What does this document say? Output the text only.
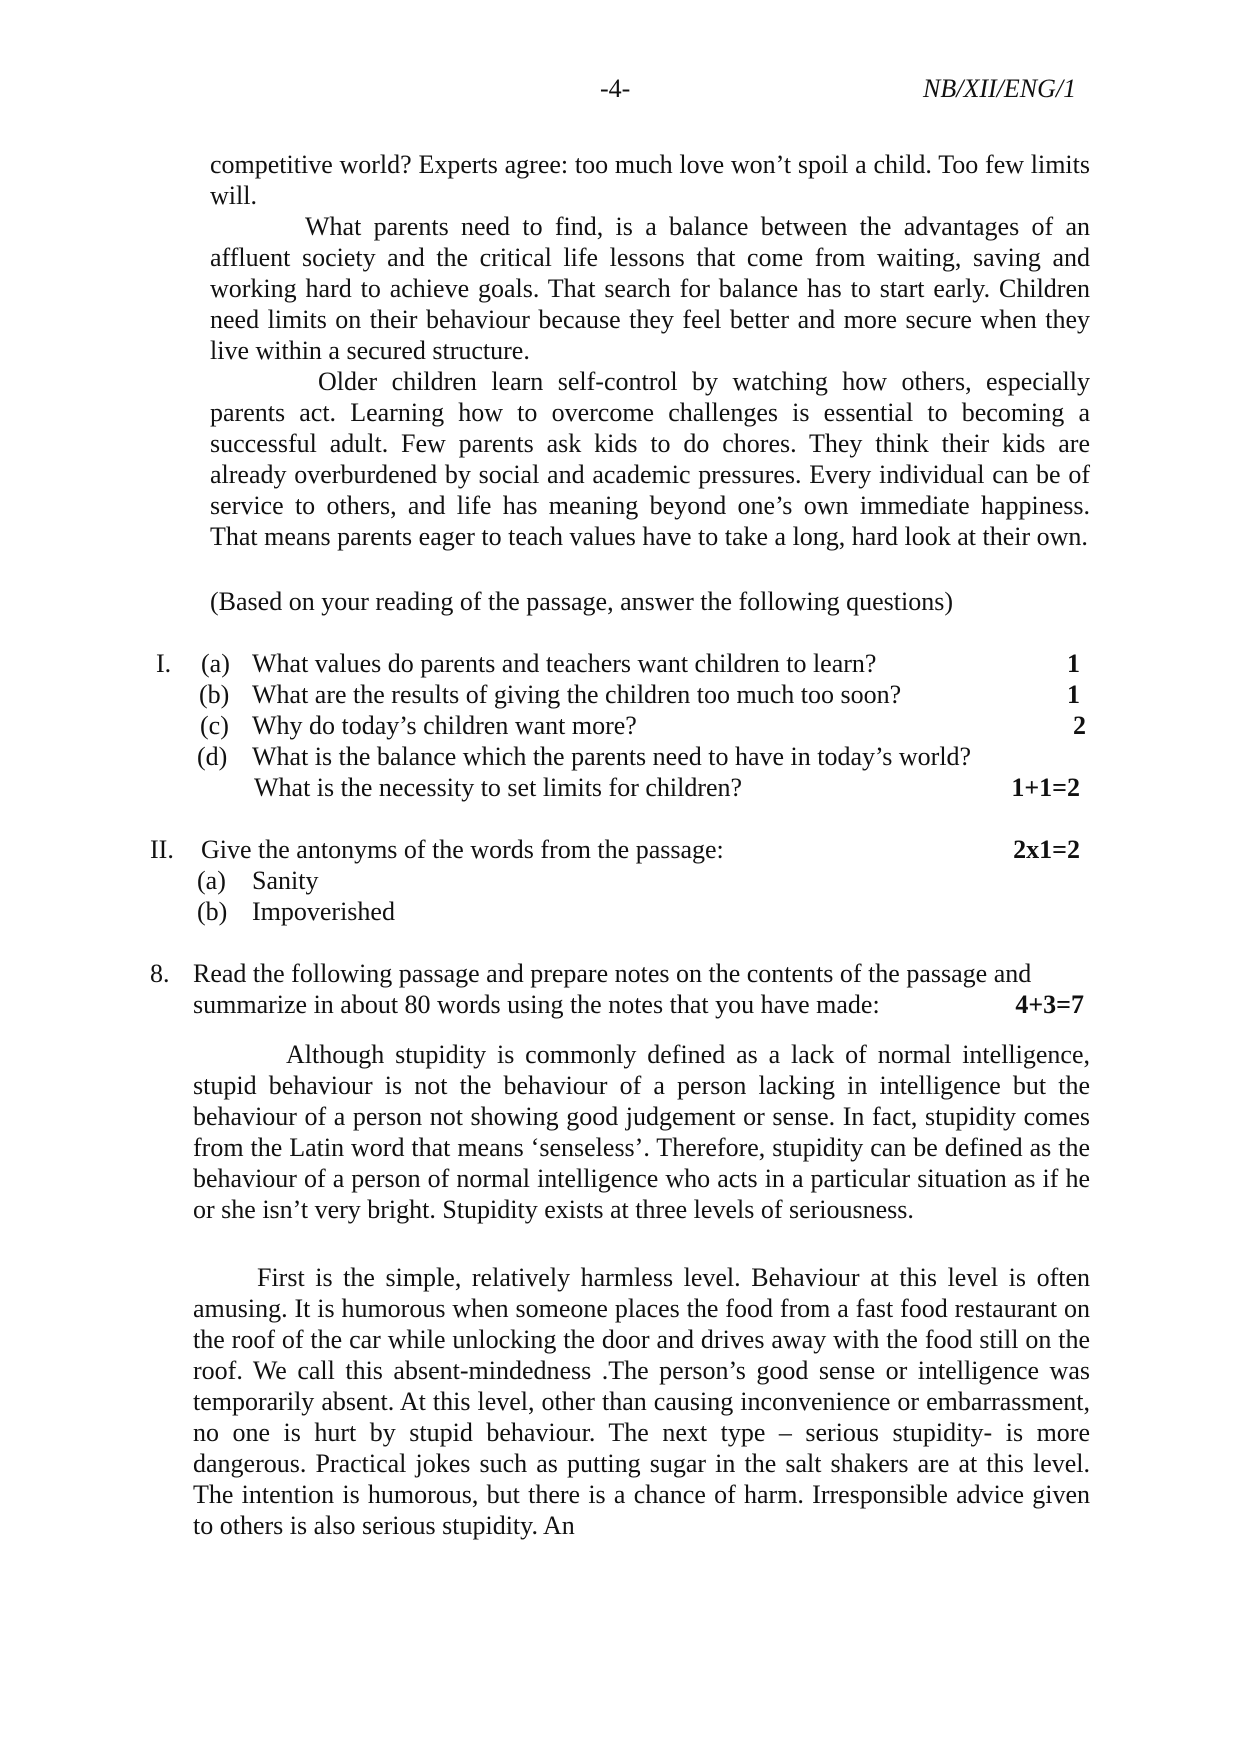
-4-	NB/XII/ENG/1
competitive world? Experts agree: too much love won’t spoil a child. Too few limits will.
What parents need to find, is a balance between the advantages of an affluent society and the critical life lessons that come from waiting, saving and working hard to achieve goals. That search for balance has to start early. Children need limits on their behaviour because they feel better and more secure when they live within a secured structure.
Older children learn self-control by watching how others, especially parents act. Learning how to overcome challenges is essential to becoming a successful adult. Few parents ask kids to do chores. They think their kids are already overburdened by social and academic pressures. Every individual can be of service to others, and life has meaning beyond one’s own immediate happiness. That means parents eager to teach values have to take a long, hard look at their own.
(Based on your reading of the passage, answer the following questions)
I. (a) What values do parents and teachers want children to learn?	1
(b) What are the results of giving the children too much too soon?	1
(c) Why do today’s children want more?	2
(d) What is the balance which the parents need to have in today’s world?
What is the necessity to set limits for children?	1+1=2
II. Give the antonyms of the words from the passage:	2x1=2
(a) Sanity
(b) Impoverished
8. Read the following passage and prepare notes on the contents of the passage and
summarize in about 80 words using the notes that you have made:	4+3=7
Although stupidity is commonly defined as a lack of normal intelligence, stupid behaviour is not the behaviour of a person lacking in intelligence but the behaviour of a person not showing good judgement or sense. In fact, stupidity comes from the Latin word that means ‘senseless’. Therefore, stupidity can be defined as the behaviour of a person of normal intelligence who acts in a particular situation as if he or she isn’t very bright. Stupidity exists at three levels of seriousness.
First is the simple, relatively harmless level. Behaviour at this level is often amusing. It is humorous when someone places the food from a fast food restaurant on the roof of the car while unlocking the door and drives away with the food still on the roof. We call this absent-mindedness .The person’s good sense or intelligence was temporarily absent. At this level, other than causing inconvenience or embarrassment, no one is hurt by stupid behaviour. The next type – serious stupidity- is more dangerous. Practical jokes such as putting sugar in the salt shakers are at this level. The intention is humorous, but there is a chance of harm. Irresponsible advice given to others is also serious stupidity. An
